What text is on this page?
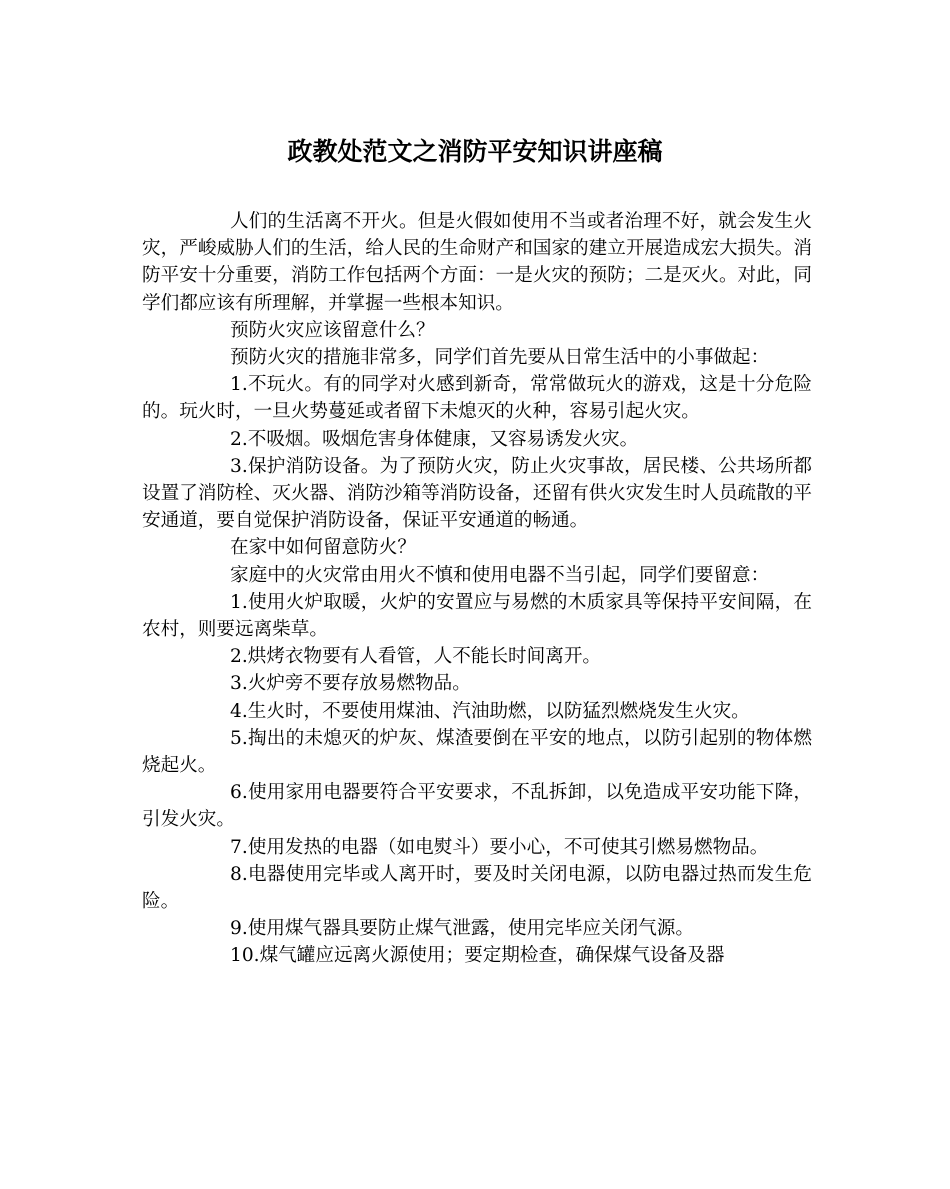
政教处范文之消防平安知识讲座稿

人们的生活离不开火。但是火假如使用不当或者治理不好，就会发生火灾，严峻威胁人们的生活，给人民的生命财产和国家的建立开展造成宏大损失。消防平安十分重要，消防工作包括两个方面：一是火灾的预防；二是灭火。对此，同学们都应该有所理解，并掌握一些根本知识。

预防火灾应该留意什么？

预防火灾的措施非常多，同学们首先要从日常生活中的小事做起：

1.不玩火。有的同学对火感到新奇，常常做玩火的游戏，这是十分危险的。玩火时，一旦火势蔓延或者留下未熄灭的火种，容易引起火灾。

2.不吸烟。吸烟危害身体健康，又容易诱发火灾。

3.保护消防设备。为了预防火灾，防止火灾事故，居民楼、公共场所都设置了消防栓、灭火器、消防沙箱等消防设备，还留有供火灾发生时人员疏散的平安通道，要自觉保护消防设备，保证平安通道的畅通。

在家中如何留意防火？

家庭中的火灾常由用火不慎和使用电器不当引起，同学们要留意：

1.使用火炉取暖，火炉的安置应与易燃的木质家具等保持平安间隔，在农村，则要远离柴草。

2.烘烤衣物要有人看管，人不能长时间离开。

3.火炉旁不要存放易燃物品。

4.生火时，不要使用煤油、汽油助燃，以防猛烈燃烧发生火灾。

5.掏出的未熄灭的炉灰、煤渣要倒在平安的地点，以防引起别的物体燃烧起火。

6.使用家用电器要符合平安要求，不乱拆卸，以免造成平安功能下降，引发火灾。

7.使用发热的电器（如电熨斗）要小心，不可使其引燃易燃物品。

8.电器使用完毕或人离开时，要及时关闭电源，以防电器过热而发生危险。

9.使用煤气器具要防止煤气泄露，使用完毕应关闭气源。

10.煤气罐应远离火源使用；要定期检查，确保煤气设备及器
